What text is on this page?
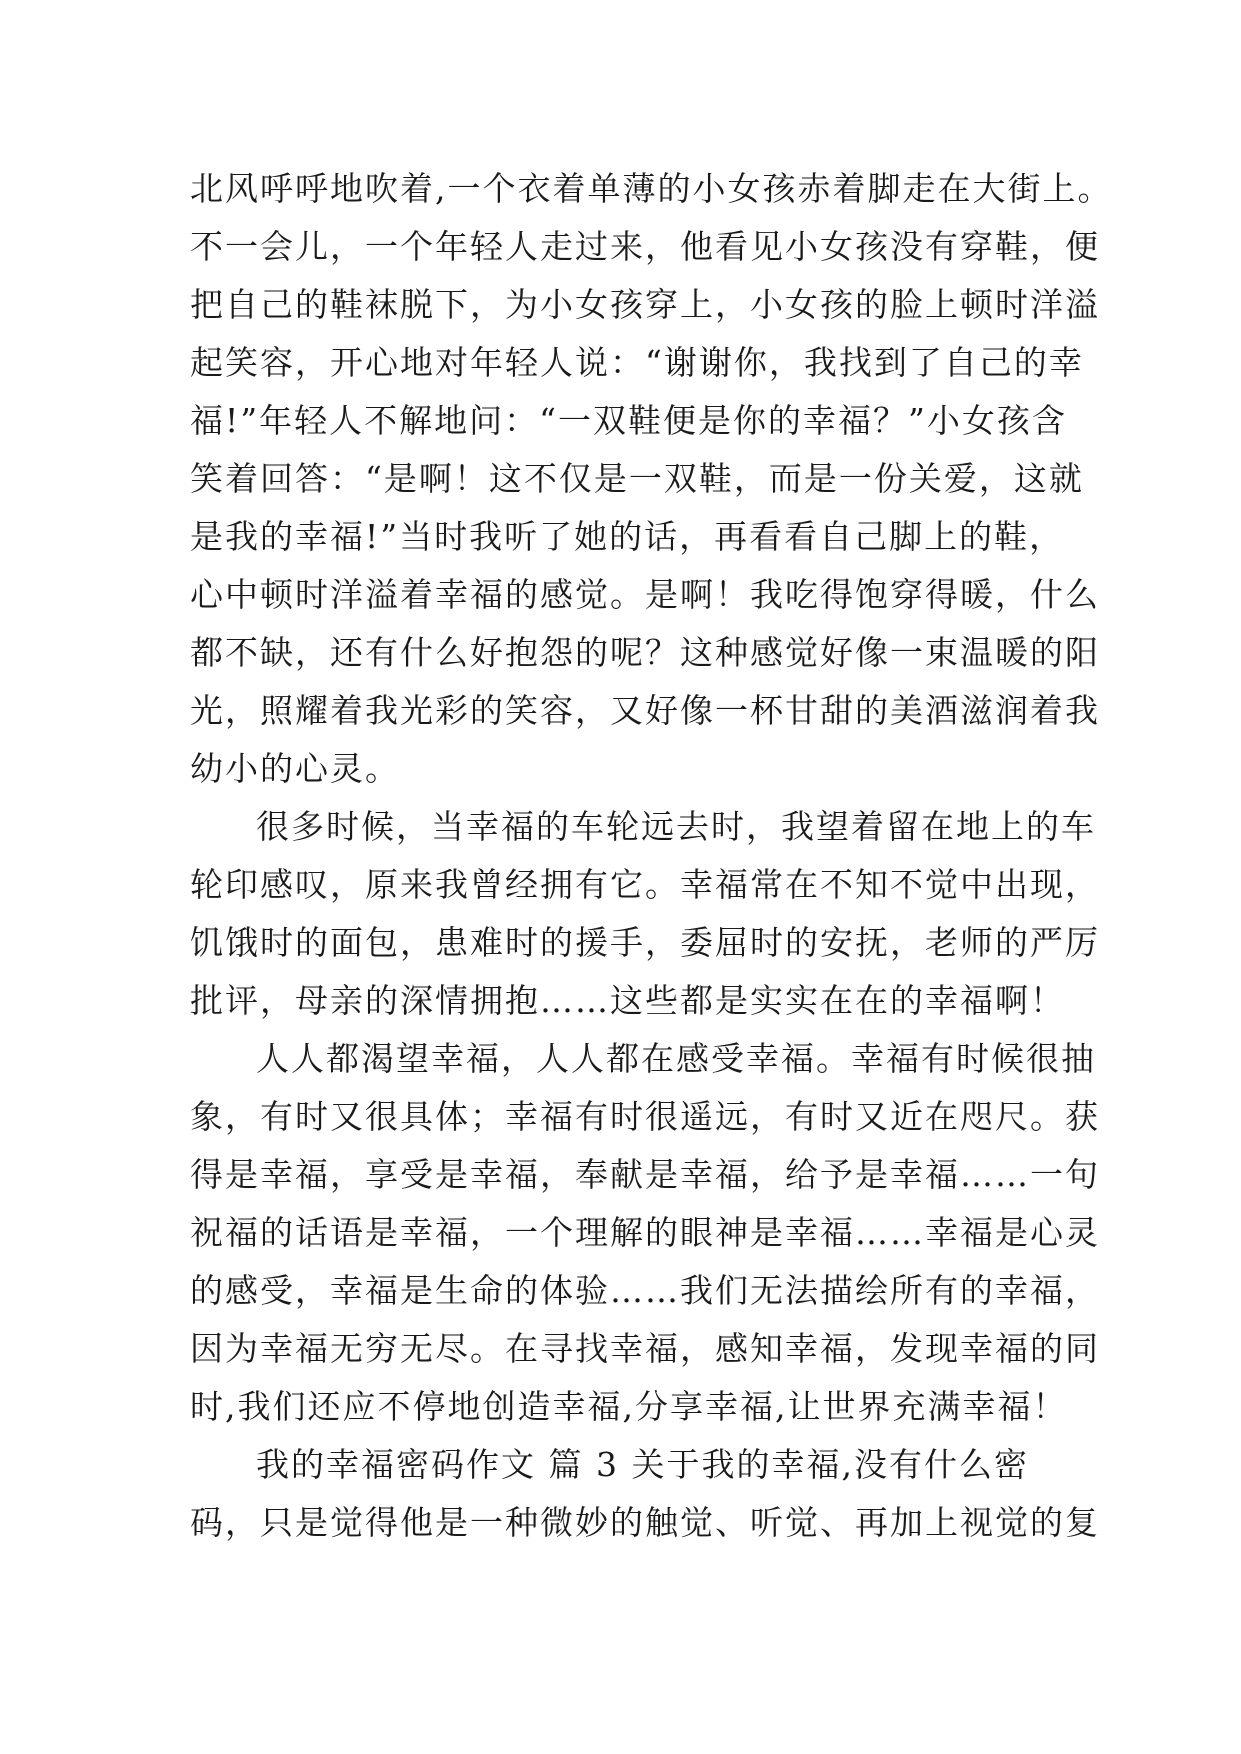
北风呼呼地吹着,一个衣着单薄的小女孩赤着脚走在大街上。
不一会儿，一个年轻人走过来，他看见小女孩没有穿鞋，便
把自己的鞋袜脱下，为小女孩穿上，小女孩的脸上顿时洋溢
起笑容，开心地对年轻人说：“谢谢你，我找到了自己的幸
福!”年轻人不解地问：“一双鞋便是你的幸福？”小女孩含
笑着回答：“是啊！这不仅是一双鞋，而是一份关爱，这就
是我的幸福!”当时我听了她的话，再看看自己脚上的鞋，
心中顿时洋溢着幸福的感觉。是啊！我吃得饱穿得暖，什么
都不缺，还有什么好抱怨的呢？这种感觉好像一束温暖的阳
光，照耀着我光彩的笑容，又好像一杯甘甜的美酒滋润着我
幼小的心灵。
很多时候，当幸福的车轮远去时，我望着留在地上的车
轮印感叹，原来我曾经拥有它。幸福常在不知不觉中出现，
饥饿时的面包，患难时的援手，委屈时的安抚，老师的严厉
批评，母亲的深情拥抱……这些都是实实在在的幸福啊！
人人都渴望幸福，人人都在感受幸福。幸福有时候很抽
象，有时又很具体；幸福有时很遥远，有时又近在咫尺。获
得是幸福，享受是幸福，奉献是幸福，给予是幸福……一句
祝福的话语是幸福，一个理解的眼神是幸福……幸福是心灵
的感受，幸福是生命的体验……我们无法描绘所有的幸福，
因为幸福无穷无尽。在寻找幸福，感知幸福，发现幸福的同
时,我们还应不停地创造幸福,分享幸福,让世界充满幸福！
我的幸福密码作文 篇 3 关于我的幸福,没有什么密
码，只是觉得他是一种微妙的触觉、听觉、再加上视觉的复
